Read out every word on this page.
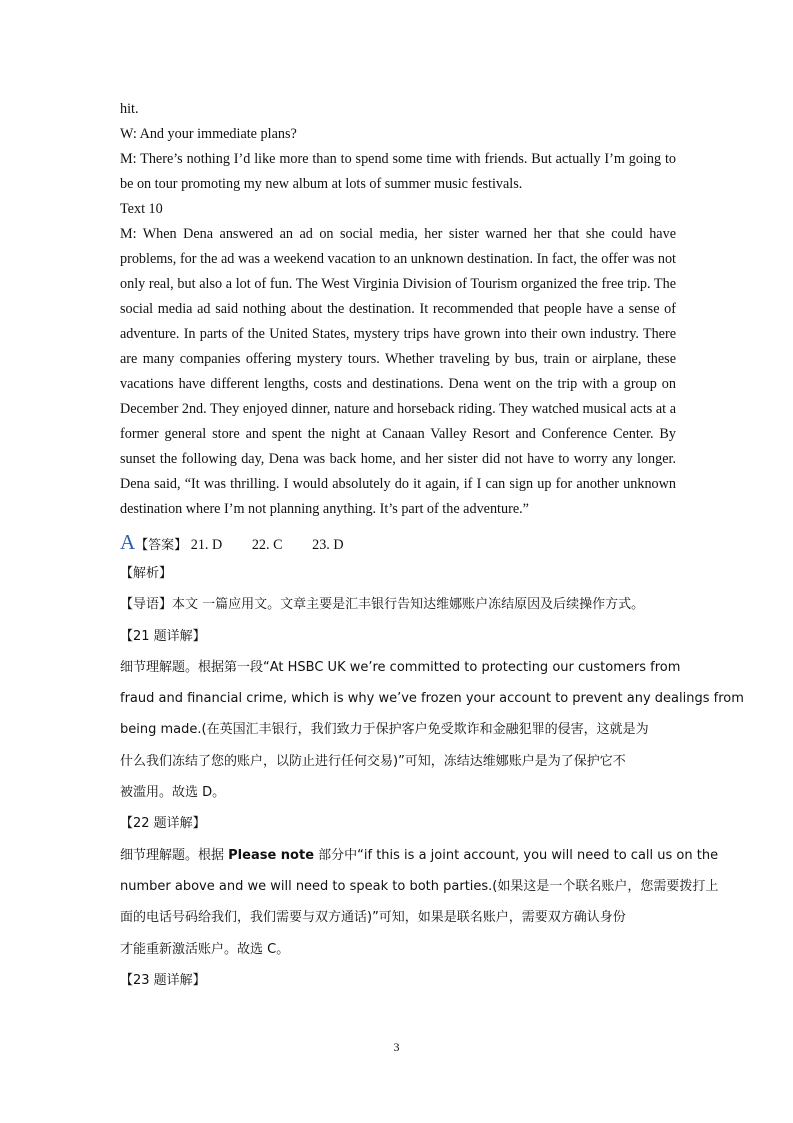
hit.
W: And your immediate plans?
M: There’s nothing I’d like more than to spend some time with friends. But actually I’m going to
be on tour promoting my new album at lots of summer music festivals.
Text 10
M: When Dena answered an ad on social media, her sister warned her that she could have
problems, for the ad was a weekend vacation to an unknown destination. In fact, the offer was not
only real, but also a lot of fun. The West Virginia Division of Tourism organized the free trip. The
social media ad said nothing about the destination. It recommended that people have a sense of
adventure. In parts of the United States, mystery trips have grown into their own industry. There
are many companies offering mystery tours. Whether traveling by bus, train or airplane, these
vacations have different lengths, costs and destinations. Dena went on the trip with a group on
December 2nd. They enjoyed dinner, nature and horseback riding. They watched musical acts at a
former general store and spent the night at Canaan Valley Resort and Conference Center. By
sunset the following day, Dena was back home, and her sister did not have to worry any longer.
Dena said, “It was thrilling. I would absolutely do it again, if I can sign up for another unknown
destination where I’m not planning anything. It’s part of the adventure.”
A【答案】 21. D 22. C 23. D
【解析】
【导语】本文 一篇应用文。文章主要是汇丰银行告知达维娜账户冻结原因及后续操作方式。
【21 题详解】
细节理解题。根据第一段“At HSBC UK we’re committed to protecting our customers from
fraud and financial crime, which is why we’ve frozen your account to prevent any dealings from
being made.(在英国汇丰银行，我们致力于保护客户免受欺诈和金融犯罪的侵害，这就是为
什么我们冻结了您的账户，以防止进行任何交易)”可知，冻结达维娜账户是为了保护它不
被滥用。故选 D。
【22 题详解】
细节理解题。根据 Please note 部分中“if this is a joint account, you will need to call us on the
number above and we will need to speak to both parties.(如果这是一个联名账户，您需要拨打上
面的电话号码给我们，我们需要与双方通话)”可知，如果是联名账户，需要双方确认身份
才能重新激活账户。故选 C。
【23 题详解】
3
